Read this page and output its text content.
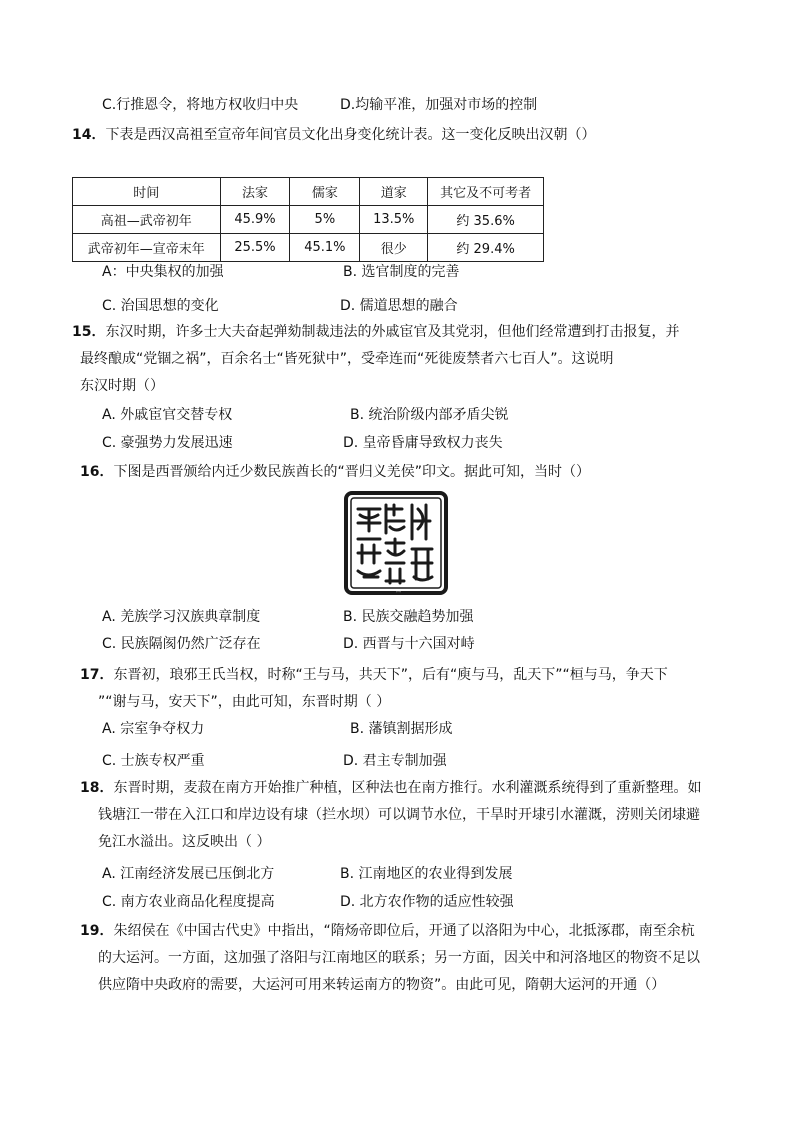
C.行推恩令，将地方权收归中央	D.均输平准，加强对市场的控制
14．下表是西汉高祖至宣帝年间官员文化出身变化统计表。这一变化反映出汉朝（）
时间	法家	儒家	道家	其它及不可考者
高祖—武帝初年	45.9%	5%	13.5%	约 35.6%
武帝初年—宣帝末年	25.5%	45.1%	很少	约 29.4%
A：中央集权的加强	B. 选官制度的完善
C. 治国思想的变化	D. 儒道思想的融合
15．东汉时期，许多士大夫奋起弹劾制裁违法的外戚宦官及其党羽，但他们经常遭到打击报复，并
最终酿成“党锢之祸”，百余名士“皆死狱中”，受牵连而“死徙废禁者六七百人”。这说明
东汉时期（）
A. 外戚宦官交替专权	B. 统治阶级内部矛盾尖锐
C. 豪强势力发展迅速	D. 皇帝昏庸导致权力丧失
16．下图是西晋颁给内迁少数民族酋长的“晋归义羌侯”印文。据此可知，当时（）
晋归义羌侯
A. 羌族学习汉族典章制度	B. 民族交融趋势加强
C. 民族隔阂仍然广泛存在	D. 西晋与十六国对峙
17．东晋初，琅邪王氏当权，时称“王与马，共天下”，后有“庾与马，乱天下”“桓与马，争天下
”“谢与马，安天下”，由此可知，东晋时期（ ）
A. 宗室争夺权力	B. 藩镇割据形成
C. 士族专权严重	D. 君主专制加强
18．东晋时期，麦菽在南方开始推广种植，区种法也在南方推行。水利灌溉系统得到了重新整理。如
钱塘江一带在入江口和岸边设有埭（拦水坝）可以调节水位，干旱时开埭引水灌溉，涝则关闭埭避
免江水溢出。这反映出（ ）
A. 江南经济发展已压倒北方	B. 江南地区的农业得到发展
C. 南方农业商品化程度提高	D. 北方农作物的适应性较强
19．朱绍侯在《中国古代史》中指出，“隋炀帝即位后，开通了以洛阳为中心，北抵涿郡，南至余杭
的大运河。一方面，这加强了洛阳与江南地区的联系；另一方面，因关中和河洛地区的物资不足以
供应隋中央政府的需要，大运河可用来转运南方的物资”。由此可见，隋朝大运河的开通（）
